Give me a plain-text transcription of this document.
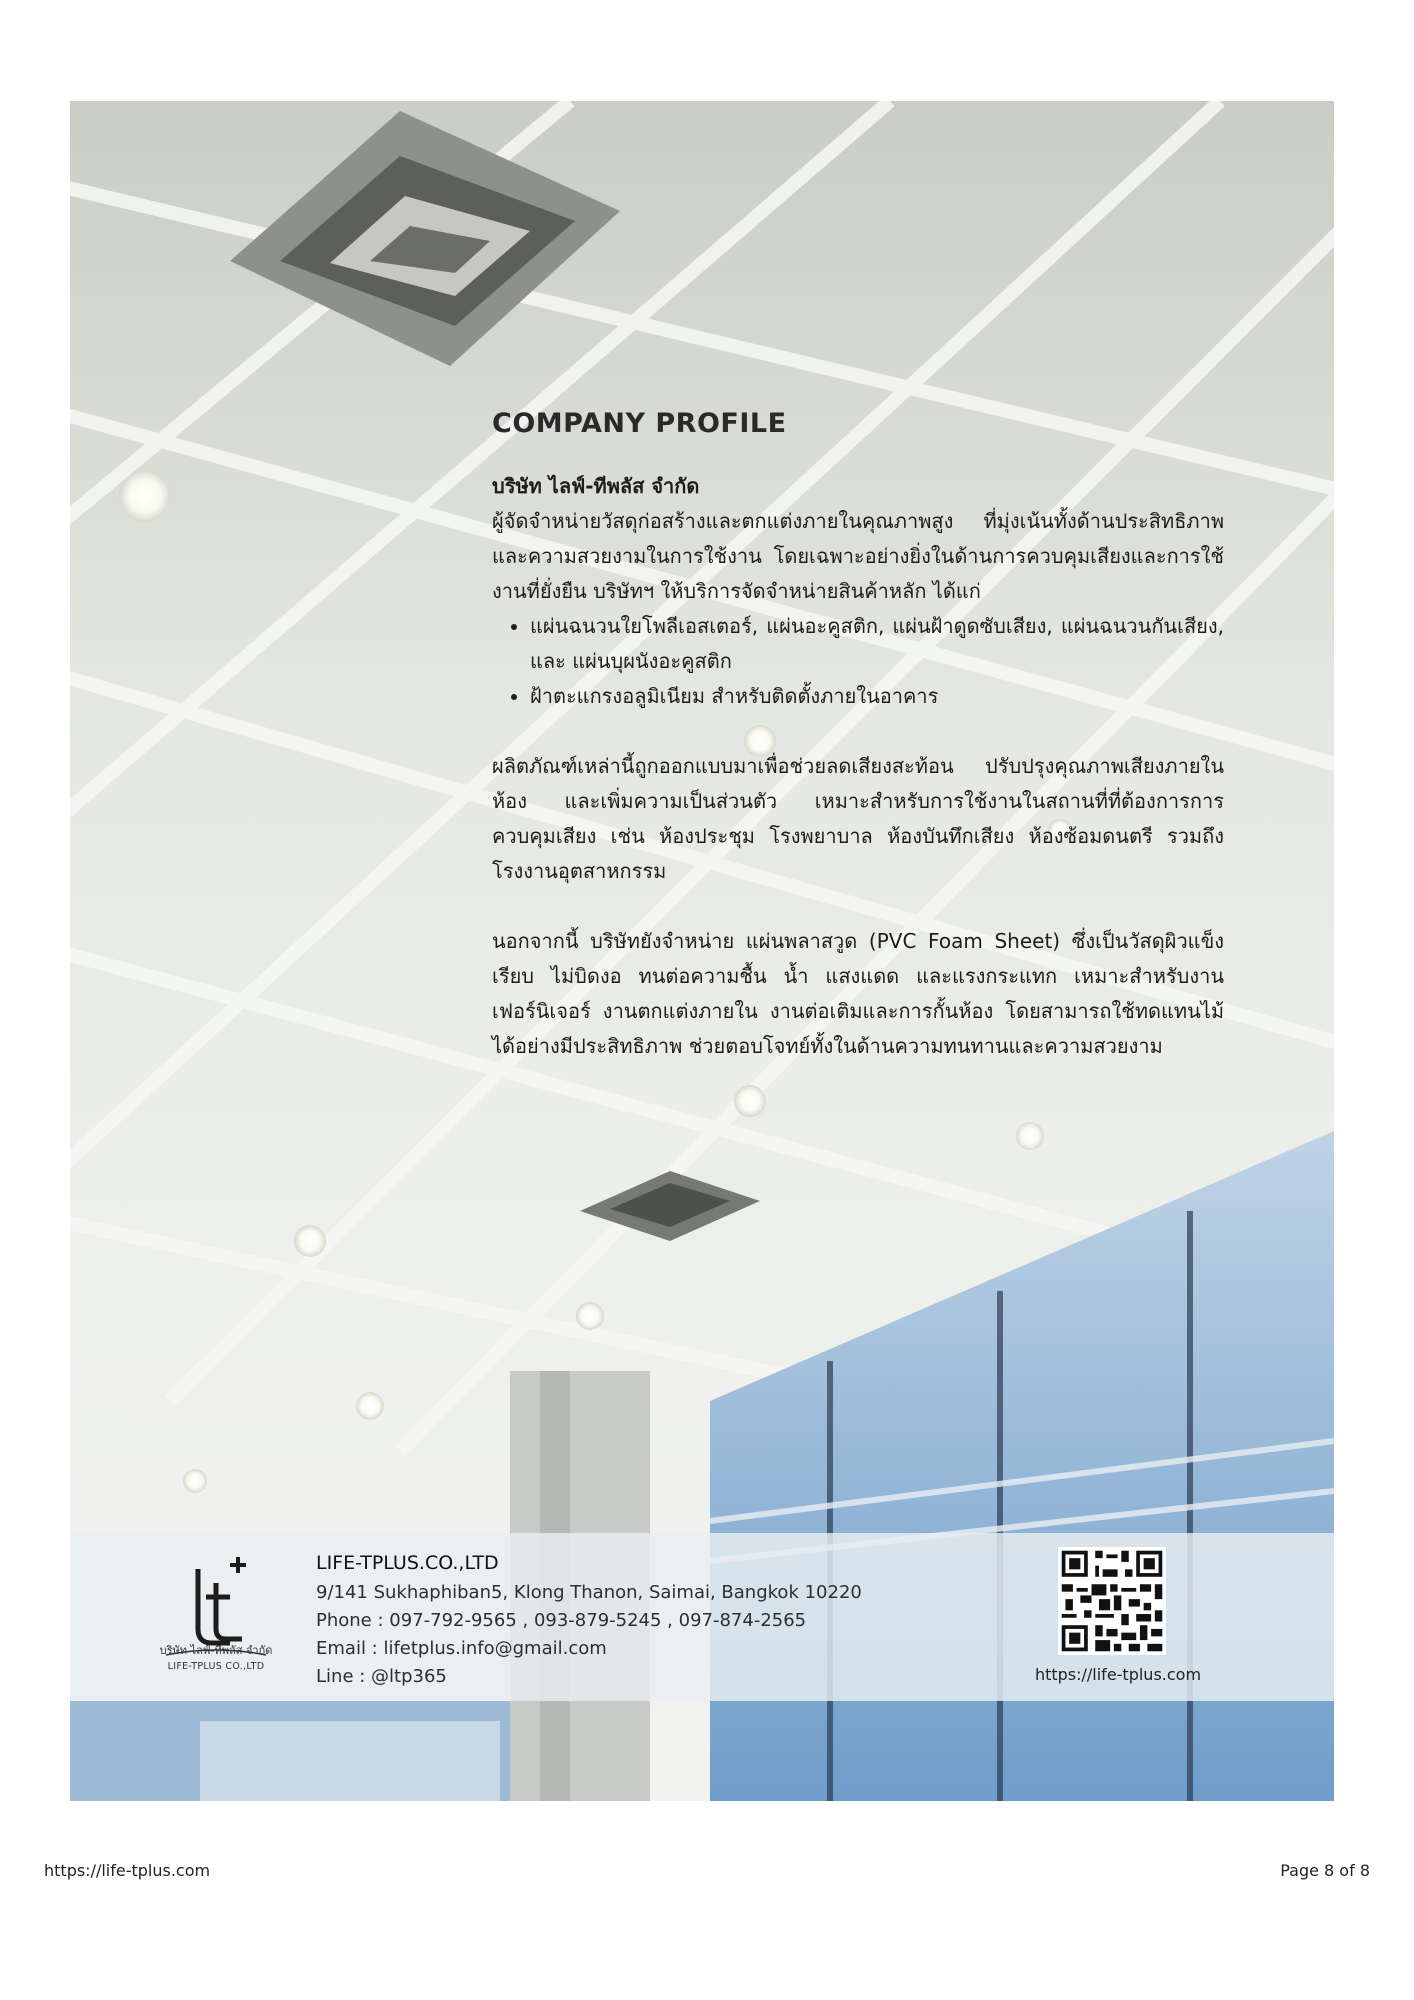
COMPANY PROFILE

บริษัท ไลฟ์-ทีพลัส จำกัด

ผู้จัดจำหน่ายวัสดุก่อสร้างและตกแต่งภายในคุณภาพสูง ที่มุ่งเน้นทั้งด้านประสิทธิภาพและความสวยงามในการใช้งาน โดยเฉพาะอย่างยิ่งในด้านการควบคุมเสียงและการใช้งานที่ยั่งยืน บริษัทฯ ให้บริการจัดจำหน่ายสินค้าหลัก ได้แก่

• แผ่นฉนวนใยโพลีเอสเตอร์, แผ่นอะคูสติก, แผ่นฝ้าดูดซับเสียง, แผ่นฉนวนกันเสียง, และ แผ่นบุผนังอะคูสติก
• ฝ้าตะแกรงอลูมิเนียม สำหรับติดตั้งภายในอาคาร

ผลิตภัณฑ์เหล่านี้ถูกออกแบบมาเพื่อช่วยลดเสียงสะท้อน ปรับปรุงคุณภาพเสียงภายในห้อง และเพิ่มความเป็นส่วนตัว เหมาะสำหรับการใช้งานในสถานที่ที่ต้องการการควบคุมเสียง เช่น ห้องประชุม โรงพยาบาล ห้องบันทึกเสียง ห้องซ้อมดนตรี รวมถึงโรงงานอุตสาหกรรม

นอกจากนี้ บริษัทยังจำหน่าย แผ่นพลาสวูด (PVC Foam Sheet) ซึ่งเป็นวัสดุผิวแข็งเรียบ ไม่บิดงอ ทนต่อความชื้น น้ำ แสงแดด และแรงกระแทก เหมาะสำหรับงานเฟอร์นิเจอร์ งานตกแต่งภายใน งานต่อเติมและการกั้นห้อง โดยสามารถใช้ทดแทนไม้ได้อย่างมีประสิทธิภาพ ช่วยตอบโจทย์ทั้งในด้านความทนทานและความสวยงาม

บริษัท ไลฟ์-ทีพลัส จำกัด
LIFE-TPLUS CO.,LTD
LIFE-TPLUS.CO.,LTD
9/141 Sukhaphiban5, Klong Thanon, Saimai, Bangkok 10220
Phone : 097-792-9565 , 093-879-5245 , 097-874-2565
Email : lifetplus.info@gmail.com
Line : @ltp365	https://life-tplus.com
https://life-tplus.com	Page 8 of 8
